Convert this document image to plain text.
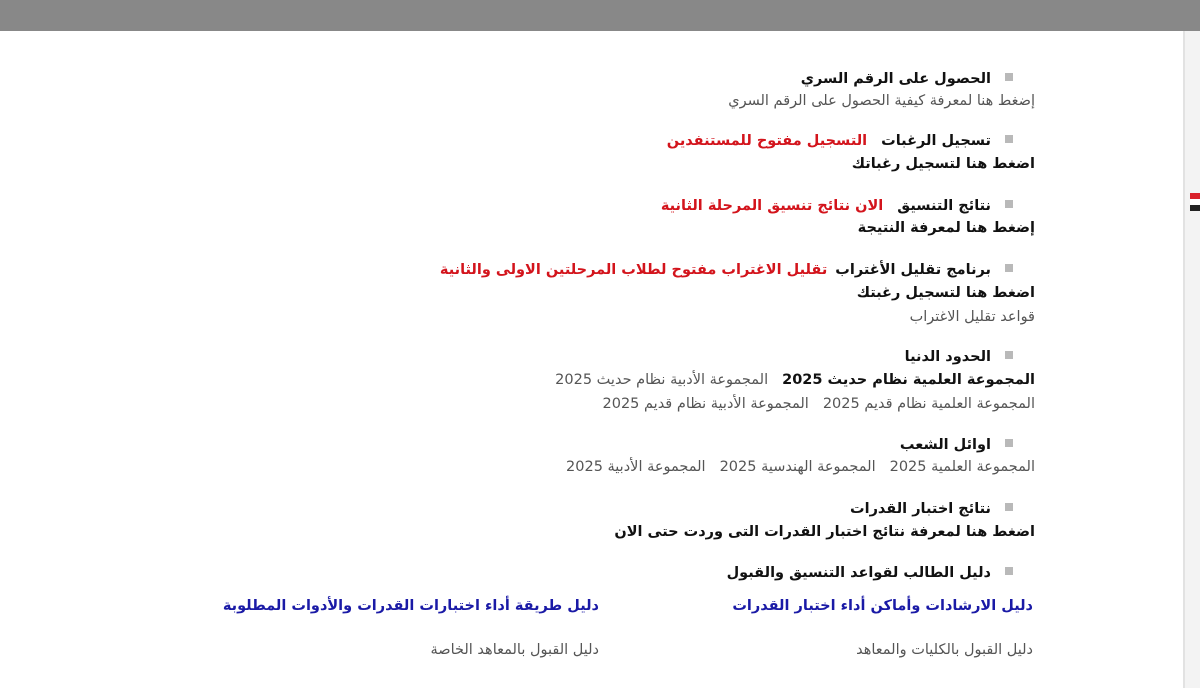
الحصول على الرقم السري
إضغط هنا لمعرفة كيفية الحصول على الرقم السري
تسجيل الرغباتالتسجيل مفتوح للمستنفدين
اضغط هنا لتسجيل رغباتك
نتائج التنسيقالان نتائج تنسيق المرحلة الثانية
إضغط هنا لمعرفة النتيجة
برنامج تقليل الأغترابتقليل الاغتراب مفتوح لطلاب المرحلتين الاولى والثانية
اضغط هنا لتسجيل رغبتك
قواعد تقليل الاغتراب
الحدود الدنيا
المجموعة العلمية نظام حديث 2025المجموعة الأدبية نظام حديث 2025
المجموعة العلمية نظام قديم 2025المجموعة الأدبية نظام قديم 2025
اوائل الشعب
المجموعة العلمية 2025المجموعة الهندسية 2025المجموعة الأدبية 2025
نتائج اختبار القدرات
اضغط هنا لمعرفة نتائج اختبار القدرات التى وردت حتى الان
دليل الطالب لقواعد التنسيق والقبول
دليل الارشادات وأماكن أداء اختبار القدرات
دليل طريقة أداء اختبارات القدرات والأدوات المطلوبة
دليل القبول بالكليات والمعاهد
دليل القبول بالمعاهد الخاصة
